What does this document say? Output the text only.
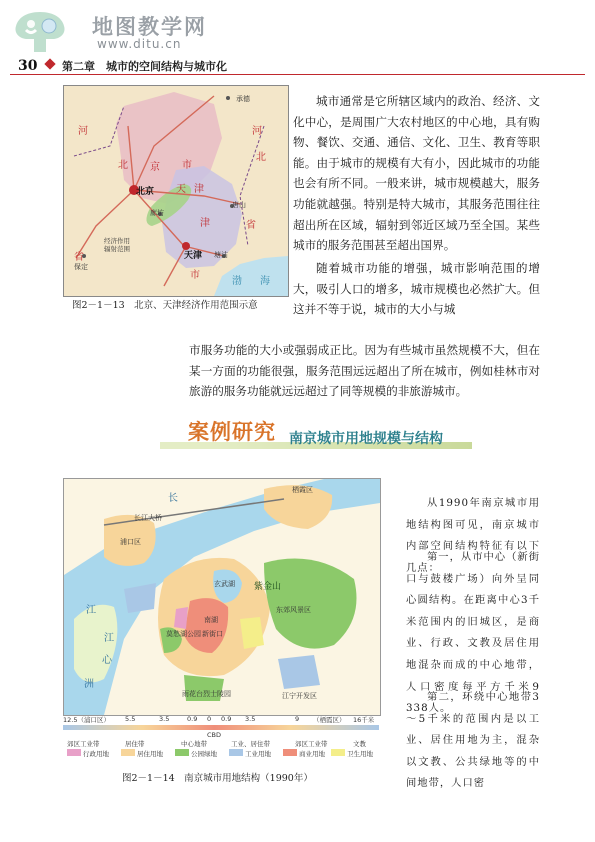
地图教学网
www.ditu.cn
30 第二章　城市的空间结构与城市化
承德
河	河
北
北 京 市
北京 天 津
廊坊
唐山
津	省
经济作用
辐射范围
天津 塘沽
省
保定
市
渤 海
图2－1－13　北京、天津经济作用范围示意
城市通常是它所辖区域内的政治、经济、文化中心，是周围广大农村地区的中心地，具有购物、餐饮、交通、通信、文化、卫生、教育等职能。由于城市的规模有大有小，因此城市的功能也会有所不同。一般来讲，城市规模越大，服务功能就越强。特别是特大城市，其服务范围往往超出所在区域，辐射到邻近区域乃至全国。某些城市的服务范围甚至超出国界。
随着城市功能的增强，城市影响范围的增大，吸引人口的增多，城市规模也必然扩大。但这并不等于说，城市的大小与城
市服务功能的大小或强弱成正比。因为有些城市虽然规模不大，但在某一方面的功能很强，服务范围远远超出了所在城市，例如桂林市对旅游的服务功能就远远超过了同等规模的非旅游城市。
案例研究 南京城市用地规模与结构
长
栖霞区
长江大桥
浦口区
江
紫金山
玄武湖
东郊风景区
南湖
江	莫愁湖公园 新街口
心
洲
雨花台烈士陵园	江宁开发区
12.5（浦口区） 5.5	3.5	0.9 0 0.9 3.5	9 （栖霞区） 16千米
CBD
郊区工业带
行政用地
居住带
居住用地
中心地带
公园绿地
工业、居住带
工业用地
郊区工业带
商业用地
文教
卫生用地
图2－1－14　南京城市用地结构（1990年）
从1990年南京城市用地结构图可见，南京城市内部空间结构特征有以下几点：
第一，从市中心（新街口与鼓楼广场）向外呈同心圆结构。在距离中心3千米范围内的旧城区，是商业、行政、文教及居住用地混杂而成的中心地带，人口密度每平方千米9 338人。
第二，环绕中心地带3～5千米的范围内是以工业、居住用地为主，混杂以文教、公共绿地等的中间地带，人口密
